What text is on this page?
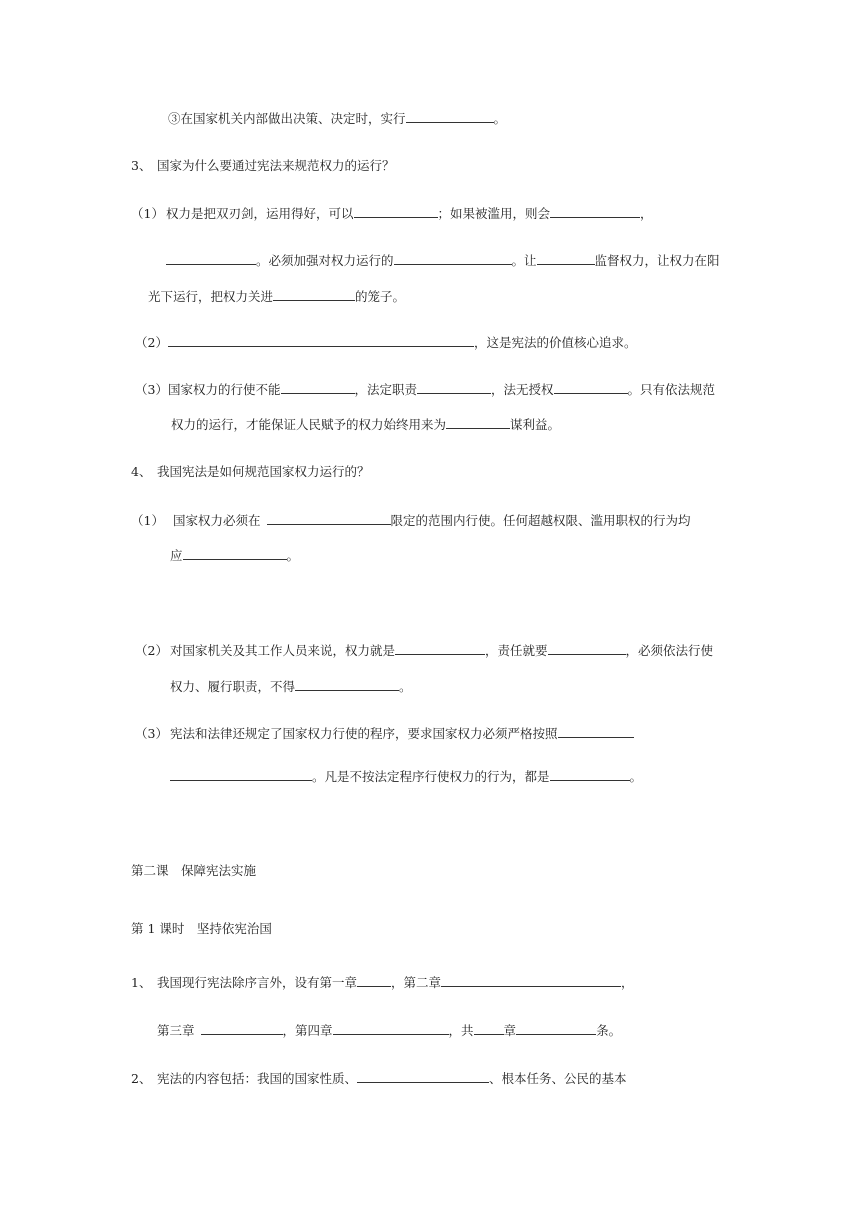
③在国家机关内部做出决策、决定时，实行	。
3、 国家为什么要通过宪法来规范权力的运行？
（1） 权力是把双刃剑，运用得好，可以	；如果被滥用，则会	，
。必须加强对权力运行的	。让	监督权力，让权力在阳
光下运行，把权力关进	的笼子。
（2）	，这是宪法的价值核心追求。
（3）国家权力的行使不能	，法定职责	，法无授权	。只有依法规范
权力的运行，才能保证人民赋予的权力始终用来为	谋利益。
4、 我国宪法是如何规范国家权力运行的？
（1） 国家权力必须在	限定的范围内行使。任何超越权限、滥用职权的行为均
应	。
（2） 对国家机关及其工作人员来说，权力就是	，责任就要	，必须依法行使
权力、履行职责，不得	。
（3） 宪法和法律还规定了国家权力行使的程序，要求国家权力必须严格按照
。凡是不按法定程序行使权力的行为，都是	。
第二课　保障宪法实施
第 1 课时　坚持依宪治国
1、 我国现行宪法除序言外，设有第一章	，第二章	，
第三章	，第四章	，共 章	条。
2、 宪法的内容包括：我国的国家性质、	、根本任务、公民的基本
